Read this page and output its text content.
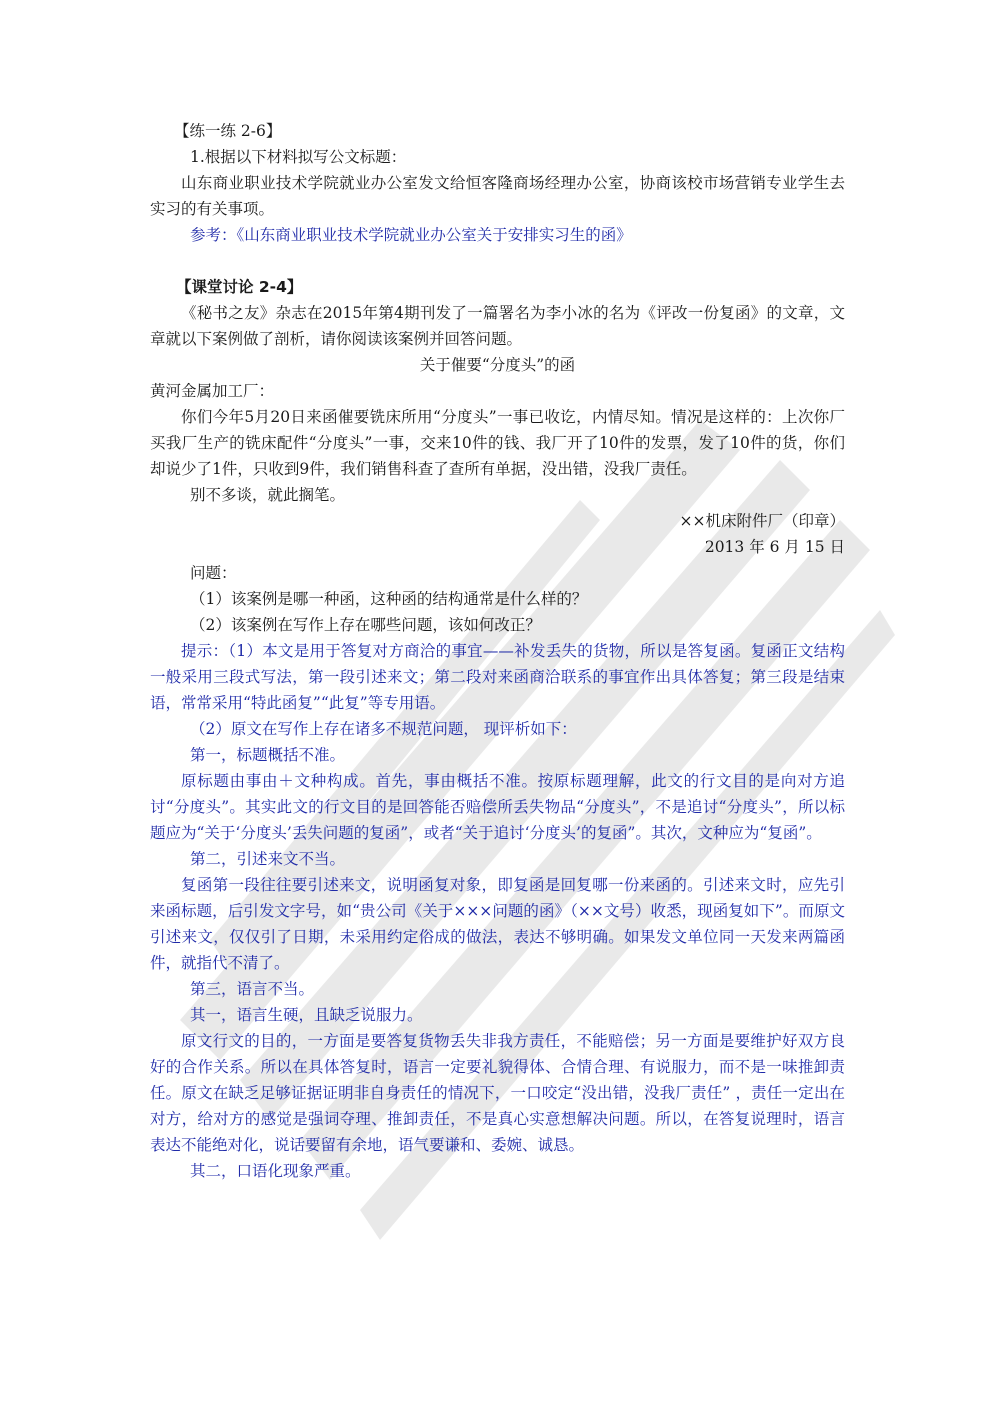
【练一练 2-6】

1.根据以下材料拟写公文标题：

山东商业职业技术学院就业办公室发文给恒客隆商场经理办公室，协商该校市场营销专业学生去实习的有关事项。

参考：《山东商业职业技术学院就业办公室关于安排实习生的函》

【课堂讨论 2-4】

《秘书之友》杂志在2015年第4期刊发了一篇署名为李小冰的名为《评改一份复函》的文章，文章就以下案例做了剖析，请你阅读该案例并回答问题。

关于催要“分度头”的函

黄河金属加工厂：

你们今年5月20日来函催要铣床所用“分度头”一事已收讫，内情尽知。情况是这样的：上次你厂买我厂生产的铣床配件“分度头”一事，交来10件的钱、我厂开了10件的发票，发了10件的货，你们却说少了1件，只收到9件，我们销售科查了查所有单据，没出错，没我厂责任。

别不多谈，就此搁笔。

××机床附件厂（印章）

2013 年 6 月 15 日

问题：

（1）该案例是哪一种函，这种函的结构通常是什么样的？

（2）该案例在写作上存在哪些问题，该如何改正？

提示：（1）本文是用于答复对方商洽的事宜——补发丢失的货物，所以是答复函。复函正文结构一般采用三段式写法，第一段引述来文；第二段对来函商洽联系的事宜作出具体答复；第三段是结束语，常常采用“特此函复”“此复”等专用语。

（2）原文在写作上存在诸多不规范问题， 现评析如下：

第一，标题概括不准。

原标题由事由＋文种构成。首先，事由概括不准。按原标题理解，此文的行文目的是向对方追讨“分度头”。其实此文的行文目的是回答能否赔偿所丢失物品“分度头”，不是追讨“分度头”，所以标题应为“关于‘分度头’丢失问题的复函”，或者“关于追讨‘分度头’的复函”。其次，文种应为“复函”。

第二，引述来文不当。

复函第一段往往要引述来文，说明函复对象，即复函是回复哪一份来函的。引述来文时，应先引来函标题，后引发文字号，如“贵公司《关于×××问题的函》（××文号）收悉，现函复如下”。而原文引述来文，仅仅引了日期，未采用约定俗成的做法，表达不够明确。如果发文单位同一天发来两篇函件，就指代不清了。

第三，语言不当。

其一，语言生硬，且缺乏说服力。

原文行文的目的，一方面是要答复货物丢失非我方责任，不能赔偿；另一方面是要维护好双方良好的合作关系。所以在具体答复时，语言一定要礼貌得体、合情合理、有说服力，而不是一味推卸责任。原文在缺乏足够证据证明非自身责任的情况下，一口咬定“没出错，没我厂责任” ，责任一定出在对方，给对方的感觉是强词夺理、推卸责任，不是真心实意想解决问题。所以，在答复说理时，语言表达不能绝对化，说话要留有余地，语气要谦和、委婉、诚恳。

其二，口语化现象严重。
